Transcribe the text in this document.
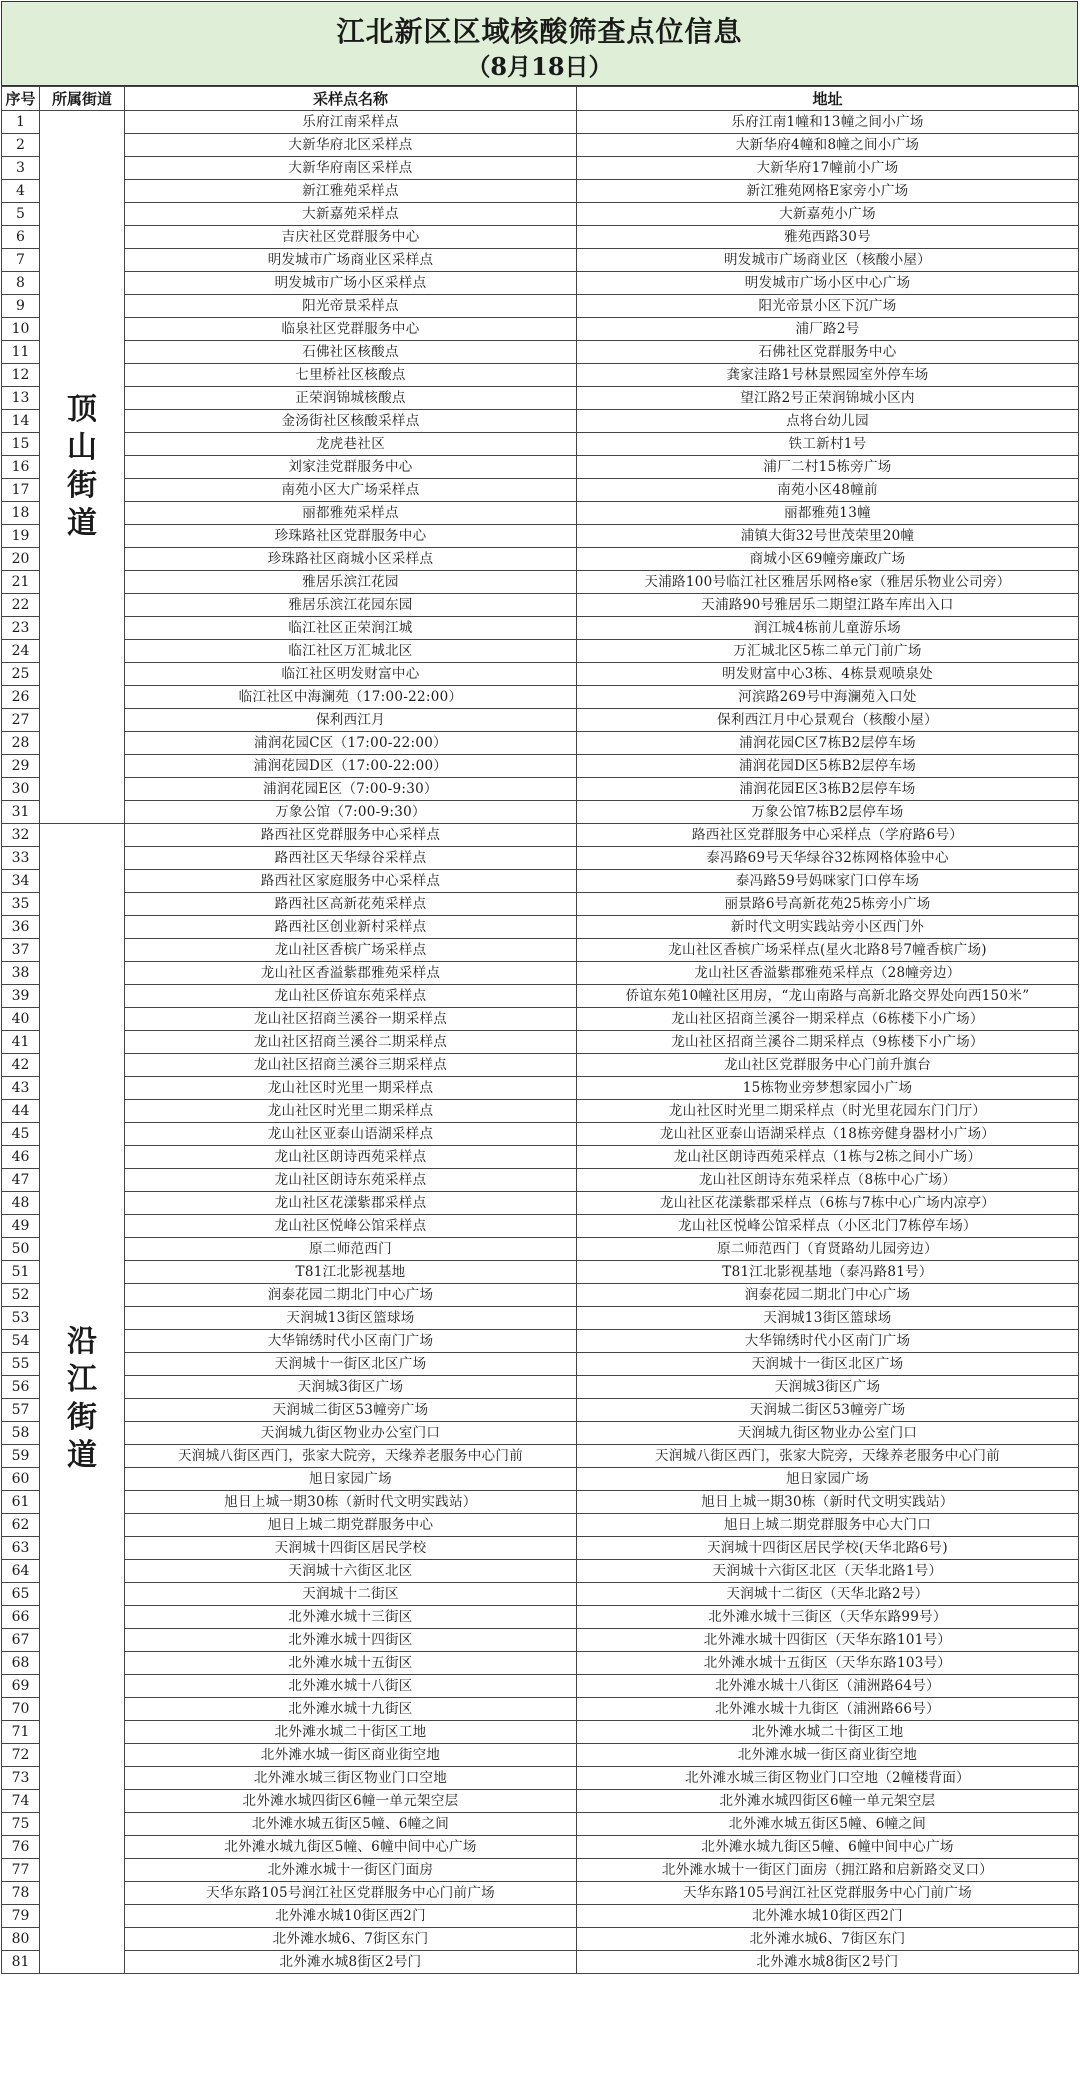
江北新区区域核酸筛查点位信息
（8月18日）
序号	所属街道	采样点名称	地址
1	顶山街道	乐府江南采样点	乐府江南1幢和13幢之间小广场
2		大新华府北区采样点	大新华府4幢和8幢之间小广场
3		大新华府南区采样点	大新华府17幢前小广场
4		新江雅苑采样点	新江雅苑网格E家旁小广场
5		大新嘉苑采样点	大新嘉苑小广场
6		吉庆社区党群服务中心	雅苑西路30号
7		明发城市广场商业区采样点	明发城市广场商业区（核酸小屋）
8		明发城市广场小区采样点	明发城市广场小区中心广场
9		阳光帝景采样点	阳光帝景小区下沉广场
10		临泉社区党群服务中心	浦厂路2号
11		石佛社区核酸点	石佛社区党群服务中心
12		七里桥社区核酸点	龚家洼路1号林景熙园室外停车场
13		正荣润锦城核酸点	望江路2号正荣润锦城小区内
14		金汤街社区核酸采样点	点将台幼儿园
15		龙虎巷社区	铁工新村1号
16		刘家洼党群服务中心	浦厂二村15栋旁广场
17		南苑小区大广场采样点	南苑小区48幢前
18		丽都雅苑采样点	丽都雅苑13幢
19		珍珠路社区党群服务中心	浦镇大街32号世茂荣里20幢
20		珍珠路社区商城小区采样点	商城小区69幢旁廉政广场
21		雅居乐滨江花园	天浦路100号临江社区雅居乐网格e家（雅居乐物业公司旁）
22		雅居乐滨江花园东园	天浦路90号雅居乐二期望江路车库出入口
23		临江社区正荣润江城	润江城4栋前儿童游乐场
24		临江社区万汇城北区	万汇城北区5栋二单元门前广场
25		临江社区明发财富中心	明发财富中心3栋、4栋景观喷泉处
26		临江社区中海澜苑（17:00-22:00）	河滨路269号中海澜苑入口处
27		保利西江月	保利西江月中心景观台（核酸小屋）
28		浦润花园C区（17:00-22:00）	浦润花园C区7栋B2层停车场
29		浦润花园D区（17:00-22:00）	浦润花园D区5栋B2层停车场
30		浦润花园E区（7:00-9:30）	浦润花园E区3栋B2层停车场
31		万象公馆（7:00-9:30）	万象公馆7栋B2层停车场
32	沿江街道	路西社区党群服务中心采样点	路西社区党群服务中心采样点（学府路6号）
33		路西社区天华绿谷采样点	泰冯路69号天华绿谷32栋网格体验中心
34		路西社区家庭服务中心采样点	泰冯路59号妈咪家门口停车场
35		路西社区高新花苑采样点	丽景路6号高新花苑25栋旁小广场
36		路西社区创业新村采样点	新时代文明实践站旁小区西门外
37		龙山社区香槟广场采样点	龙山社区香槟广场采样点(星火北路8号7幢香槟广场)
38		龙山社区香溢紫郡雅苑采样点	龙山社区香溢紫郡雅苑采样点（28幢旁边）
39		龙山社区侨谊东苑采样点	侨谊东苑10幢社区用房，“龙山南路与高新北路交界处向西150米”
40		龙山社区招商兰溪谷一期采样点	龙山社区招商兰溪谷一期采样点（6栋楼下小广场）
41		龙山社区招商兰溪谷二期采样点	龙山社区招商兰溪谷二期采样点（9栋楼下小广场）
42		龙山社区招商兰溪谷三期采样点	龙山社区党群服务中心门前升旗台
43		龙山社区时光里一期采样点	15栋物业旁梦想家园小广场
44		龙山社区时光里二期采样点	龙山社区时光里二期采样点（时光里花园东门门厅）
45		龙山社区亚泰山语湖采样点	龙山社区亚泰山语湖采样点（18栋旁健身器材小广场）
46		龙山社区朗诗西苑采样点	龙山社区朗诗西苑采样点（1栋与2栋之间小广场）
47		龙山社区朗诗东苑采样点	龙山社区朗诗东苑采样点（8栋中心广场）
48		龙山社区花漾紫郡采样点	龙山社区花漾紫郡采样点（6栋与7栋中心广场内凉亭）
49		龙山社区悦峰公馆采样点	龙山社区悦峰公馆采样点（小区北门7栋停车场）
50		原二师范西门	原二师范西门（育贤路幼儿园旁边）
51		T81江北影视基地	T81江北影视基地（泰冯路81号）
52		润泰花园二期北门中心广场	润泰花园二期北门中心广场
53		天润城13街区篮球场	天润城13街区篮球场
54		大华锦绣时代小区南门广场	大华锦绣时代小区南门广场
55		天润城十一街区北区广场	天润城十一街区北区广场
56		天润城3街区广场	天润城3街区广场
57		天润城二街区53幢旁广场	天润城二街区53幢旁广场
58		天润城九街区物业办公室门口	天润城九街区物业办公室门口
59		天润城八街区西门，张家大院旁，天缘养老服务中心门前	天润城八街区西门，张家大院旁，天缘养老服务中心门前
60		旭日家园广场	旭日家园广场
61		旭日上城一期30栋（新时代文明实践站）	旭日上城一期30栋（新时代文明实践站）
62		旭日上城二期党群服务中心	旭日上城二期党群服务中心大门口
63		天润城十四街区居民学校	天润城十四街区居民学校(天华北路6号)
64		天润城十六街区北区	天润城十六街区北区（天华北路1号）
65		天润城十二街区	天润城十二街区（天华北路2号）
66		北外滩水城十三街区	北外滩水城十三街区（天华东路99号）
67		北外滩水城十四街区	北外滩水城十四街区（天华东路101号）
68		北外滩水城十五街区	北外滩水城十五街区（天华东路103号）
69		北外滩水城十八街区	北外滩水城十八街区（浦洲路64号）
70		北外滩水城十九街区	北外滩水城十九街区（浦洲路66号）
71		北外滩水城二十街区工地	北外滩水城二十街区工地
72		北外滩水城一街区商业街空地	北外滩水城一街区商业街空地
73		北外滩水城三街区物业门口空地	北外滩水城三街区物业门口空地（2幢楼背面）
74		北外滩水城四街区6幢一单元架空层	北外滩水城四街区6幢一单元架空层
75		北外滩水城五街区5幢、6幢之间	北外滩水城五街区5幢、6幢之间
76		北外滩水城九街区5幢、6幢中间中心广场	北外滩水城九街区5幢、6幢中间中心广场
77		北外滩水城十一街区门面房	北外滩水城十一街区门面房（拥江路和启新路交叉口）
78		天华东路105号润江社区党群服务中心门前广场	天华东路105号润江社区党群服务中心门前广场
79		北外滩水城10街区西2门	北外滩水城10街区西2门
80		北外滩水城6、7街区东门	北外滩水城6、7街区东门
81		北外滩水城8街区2号门	北外滩水城8街区2号门
